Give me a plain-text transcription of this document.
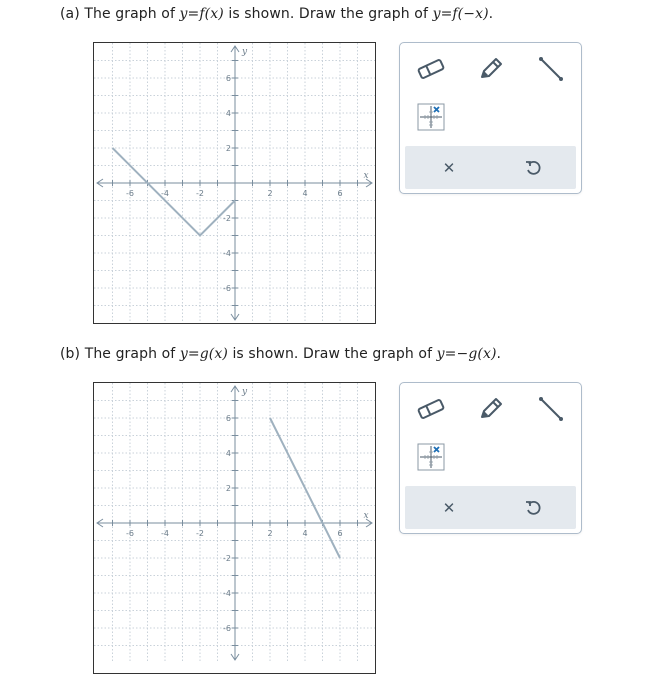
(a) The graph of y=f(x) is shown. Draw the graph of y=f(−x).
-6	-4	-2	2	4	6
6
4
2
-2
-4
-6
x
y
✕
(b) The graph of y=g(x) is shown. Draw the graph of y=−g(x).
-6	-4	-2	2	4	6
6
4
2
-2
-4
-6
x
y
✕
